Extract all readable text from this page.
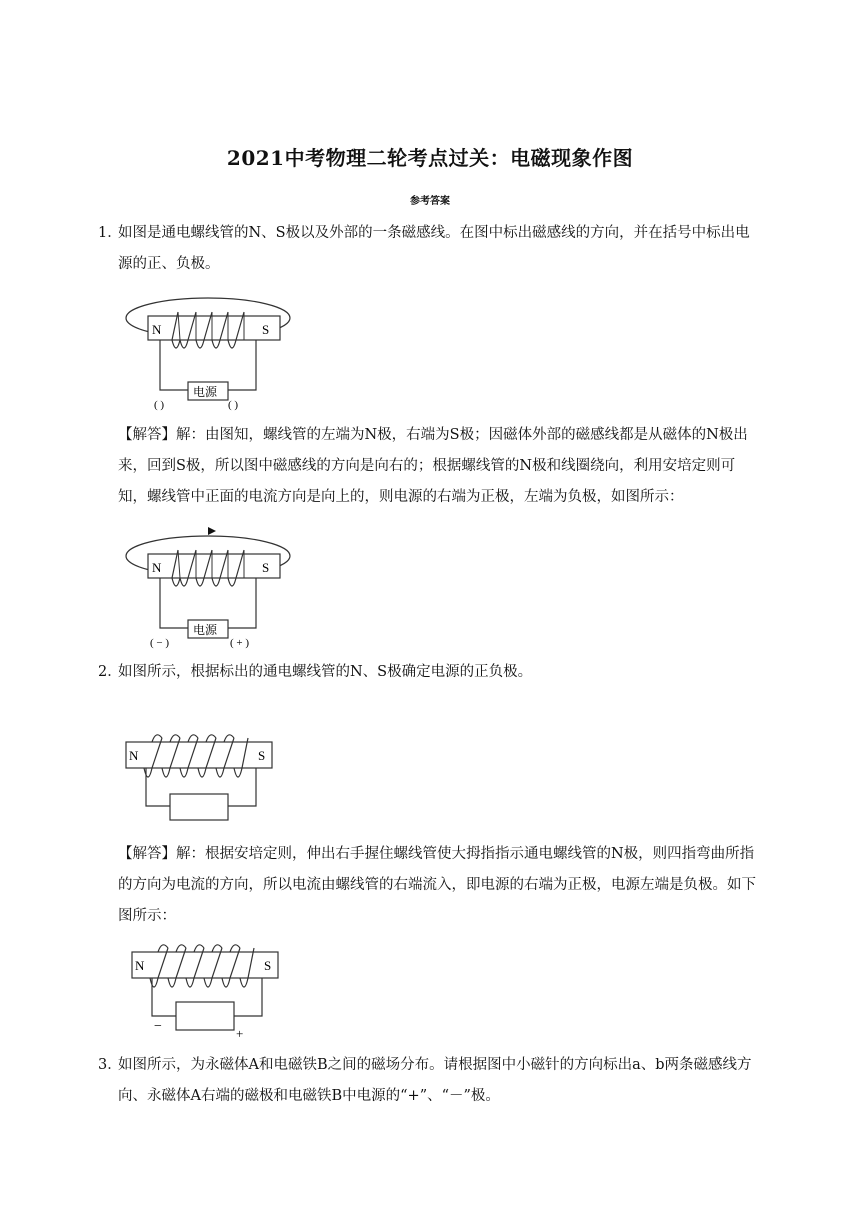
2021中考物理二轮考点过关：电磁现象作图
参考答案
1．
如图是通电螺线管的N、S极以及外部的一条磁感线。在图中标出磁感线的方向，并在括号中标出电源的正、负极。
N	S
电源
( )	( )
【解答】解：由图知，螺线管的左端为N极，右端为S极；因磁体外部的磁感线都是从磁体的N极出来，回到S极，所以图中磁感线的方向是向右的；根据螺线管的N极和线圈绕向，利用安培定则可知，螺线管中正面的电流方向是向上的，则电源的右端为正极，左端为负极，如图所示：
N	S
电源
( − )	( + )
2．
如图所示，根据标出的通电螺线管的N、S极确定电源的正负极。
N	S
【解答】解：根据安培定则，伸出右手握住螺线管使大拇指指示通电螺线管的N极，则四指弯曲所指的方向为电流的方向，所以电流由螺线管的右端流入，即电源的右端为正极，电源左端是负极。如下图所示：
N	S
−	+
3．
如图所示，为永磁体A和电磁铁B之间的磁场分布。请根据图中小磁针的方向标出a、b两条磁感线方向、永磁体A右端的磁极和电磁铁B中电源的“+”、“－”极。
